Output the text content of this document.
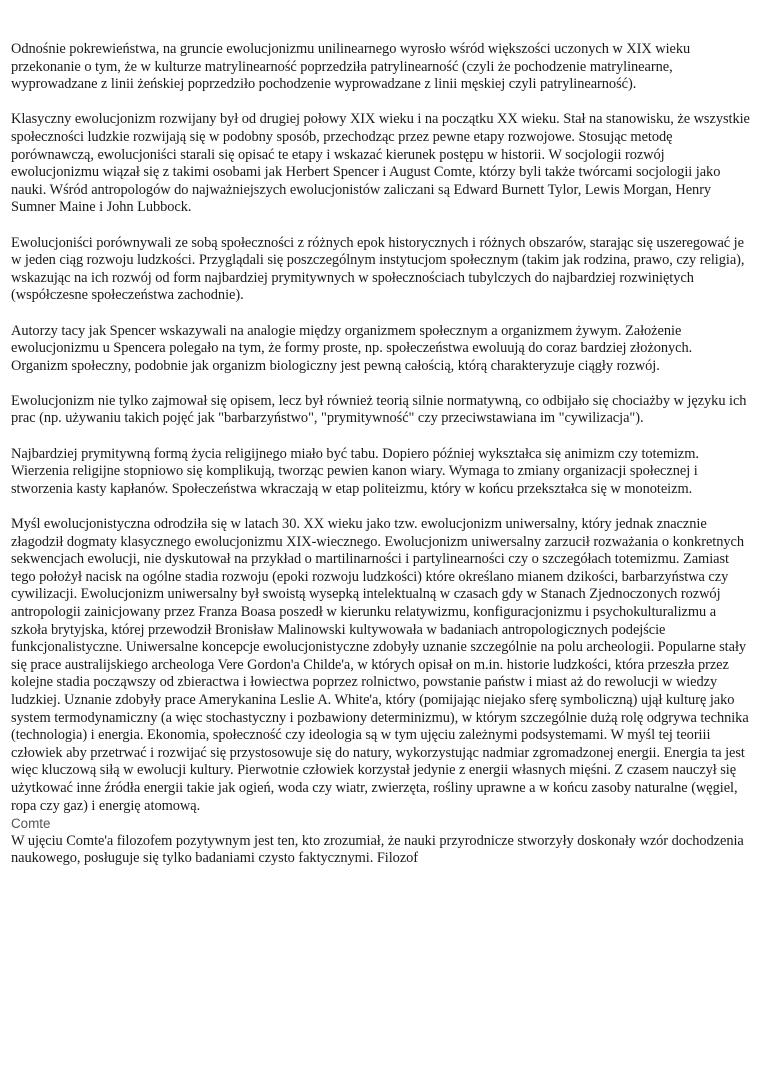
Odnośnie pokrewieństwa, na gruncie ewolucjonizmu unilinearnego wyrosło wśród większości uczonych w XIX wieku przekonanie o tym, że w kulturze matrylinearność poprzedziła patrylinearność (czyli że pochodzenie matrylinearne, wyprowadzane z linii żeńskiej poprzedziło pochodzenie wyprowadzane z linii męskiej czyli patrylinearność).

Klasyczny ewolucjonizm rozwijany był od drugiej połowy XIX wieku i na początku XX wieku. Stał na stanowisku, że wszystkie społeczności ludzkie rozwijają się w podobny sposób, przechodząc przez pewne etapy rozwojowe. Stosując metodę porównawczą, ewolucjoniści starali się opisać te etapy i wskazać kierunek postępu w historii. W socjologii rozwój ewolucjonizmu wiązał się z takimi osobami jak Herbert Spencer i August Comte, którzy byli także twórcami socjologii jako nauki. Wśród antropologów do najważniejszych ewolucjonistów zaliczani są Edward Burnett Tylor, Lewis Morgan, Henry Sumner Maine i John Lubbock.

Ewolucjoniści porównywali ze sobą społeczności z różnych epok historycznych i różnych obszarów, starając się uszeregować je w jeden ciąg rozwoju ludzkości. Przyglądali się poszczególnym instytucjom społecznym (takim jak rodzina, prawo, czy religia), wskazując na ich rozwój od form najbardziej prymitywnych w społecznościach tubylczych do najbardziej rozwiniętych (współczesne społeczeństwa zachodnie).

Autorzy tacy jak Spencer wskazywali na analogie między organizmem społecznym a organizmem żywym. Założenie ewolucjonizmu u Spencera polegało na tym, że formy proste, np. społeczeństwa ewoluują do coraz bardziej złożonych. Organizm społeczny, podobnie jak organizm biologiczny jest pewną całością, którą charakteryzuje ciągły rozwój.

Ewolucjonizm nie tylko zajmował się opisem, lecz był również teorią silnie normatywną, co odbijało się chociażby w języku ich prac (np. używaniu takich pojęć jak "barbarzyństwo", "prymitywność" czy przeciwstawiana im "cywilizacja").

Najbardziej prymitywną formą życia religijnego miało być tabu. Dopiero później wykształca się animizm czy totemizm. Wierzenia religijne stopniowo się komplikują, tworząc pewien kanon wiary. Wymaga to zmiany organizacji społecznej i stworzenia kasty kapłanów. Społeczeństwa wkraczają w etap politeizmu, który w końcu przekształca się w monoteizm.

Myśl ewolucjonistyczna odrodziła się w latach 30. XX wieku jako tzw. ewolucjonizm uniwersalny, który jednak znacznie złagodził dogmaty klasycznego ewolucjonizmu XIX-wiecznego. Ewolucjonizm uniwersalny zarzucił rozważania o konkretnych sekwencjach ewolucji, nie dyskutował na przykład o martilinarności i partylinearności czy o szczegółach totemizmu. Zamiast tego położył nacisk na ogólne stadia rozwoju (epoki rozwoju ludzkości) które określano mianem dzikości, barbarzyństwa czy cywilizacji. Ewolucjonizm uniwersalny był swoistą wysepką intelektualną w czasach gdy w Stanach Zjednoczonych rozwój antropologii zainicjowany przez Franza Boasa poszedł w kierunku relatywizmu, konfiguracjonizmu i psychokulturalizmu a szkoła brytyjska, której przewodził Bronisław Malinowski kultywowała w badaniach antropologicznych podejście funkcjonalistyczne. Uniwersalne koncepcje ewolucjonistyczne zdobyły uznanie szczególnie na polu archeologii. Popularne stały się prace australijskiego archeologa Vere Gordon'a Childe'a, w których opisał on m.in. historie ludzkości, która przeszła przez kolejne stadia począwszy od zbieractwa i łowiectwa poprzez rolnictwo, powstanie państw i miast aż do rewolucji w wiedzy ludzkiej. Uznanie zdobyły prace Amerykanina Leslie A. White'a, który (pomijając niejako sferę symboliczną) ujął kulturę jako system termodynamiczny (a więc stochastyczny i pozbawiony determinizmu), w którym szczególnie dużą rolę odgrywa technika (technologia) i energia. Ekonomia, społeczność czy ideologia są w tym ujęciu zależnymi podsystemami. W myśl tej teoriii człowiek aby przetrwać i rozwijać się przystosowuje się do natury, wykorzystując nadmiar zgromadzonej energii. Energia ta jest więc kluczową siłą w ewolucji kultury. Pierwotnie człowiek korzystał jedynie z energii własnych mięśni. Z czasem nauczył się użytkować inne źródła energii takie jak ogień, woda czy wiatr, zwierzęta, rośliny uprawne a w końcu zasoby naturalne (węgiel, ropa czy gaz) i energię atomową.

Comte

W ujęciu Comte'a filozofem pozytywnym jest ten, kto zrozumiał, że nauki przyrodnicze stworzyły doskonały wzór dochodzenia naukowego, posługuje się tylko badaniami czysto faktycznymi. Filozof
